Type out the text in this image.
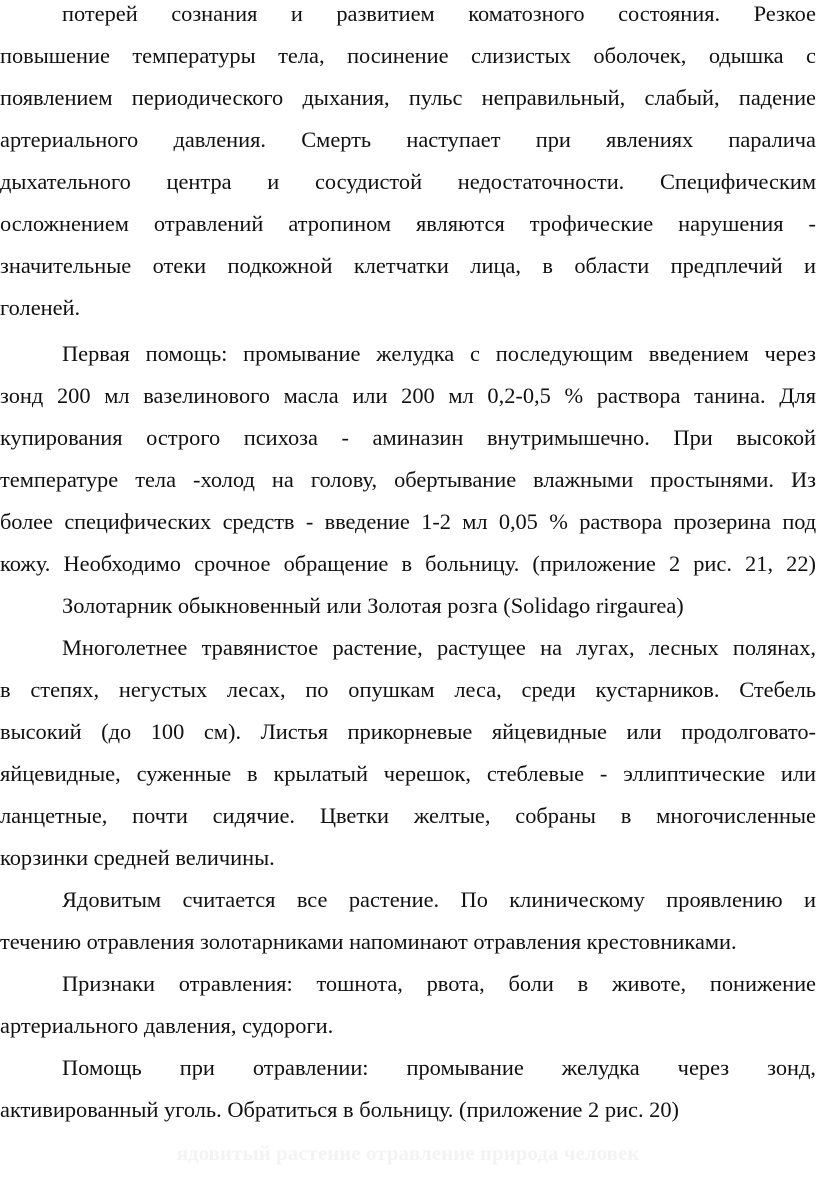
потерей сознания и развитием коматозного состояния. Резкое
повышение температуры тела, посинение слизистых оболочек, одышка с
появлением периодического дыхания, пульс неправильный, слабый, падение
артериального давления. Смерть наступает при явлениях паралича
дыхательного центра и сосудистой недостаточности. Специфическим
осложнением отравлений атропином являются трофические нарушения -
значительные отеки подкожной клетчатки лица, в области предплечий и
голеней.
Первая помощь: промывание желудка с последующим введением через
зонд 200 мл вазелинового масла или 200 мл 0,2-0,5 % раствора танина. Для
купирования острого психоза - аминазин внутримышечно. При высокой
температуре тела -холод на голову, обертывание влажными простынями. Из
более специфических средств - введение 1-2 мл 0,05 % раствора прозерина под
кожу. Необходимо срочное обращение в больницу. (приложение 2 рис. 21, 22)
Золотарник обыкновенный или Золотая розга (Solidago rirgaurea)
Многолетнее травянистое растение, растущее на лугах, лесных полянах,
в степях, негустых лесах, по опушкам леса, среди кустарников. Стебель
высокий (до 100 см). Листья прикорневые яйцевидные или продолговато-
яйцевидные, суженные в крылатый черешок, стеблевые - эллиптические или
ланцетные, почти сидячие. Цветки желтые, собраны в многочисленные
корзинки средней величины.
Ядовитым считается все растение. По клиническому проявлению и
течению отравления золотарниками напоминают отравления крестовниками.
Признаки отравления: тошнота, рвота, боли в животе, понижение
артериального давления, судороги.
Помощь при отравлении: промывание желудка через зонд,
активированный уголь. Обратиться в больницу. (приложение 2 рис. 20)
ядовитый растение отравление природа человек
